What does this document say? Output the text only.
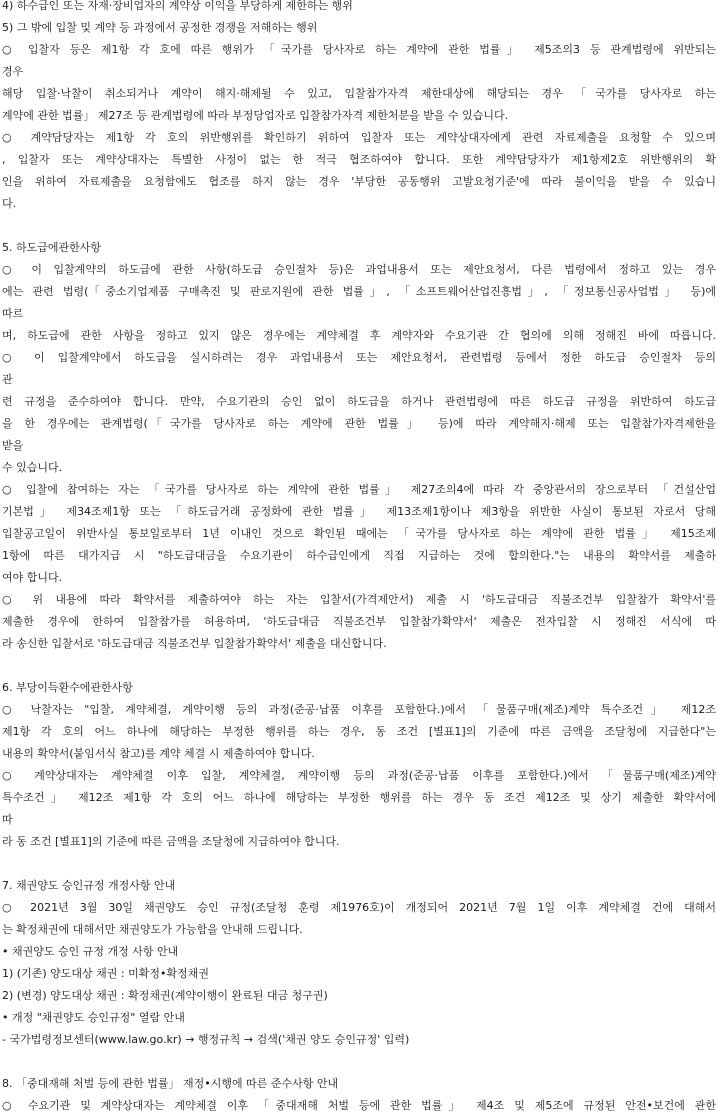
4) 하수급인 또는 자재·장비업자의 계약상 이익을 부당하게 제한하는 행위
5) 그 밖에 입찰 및 계약 등 과정에서 공정한 경쟁을 저해하는 행위
○ 입찰자 등은 제1항 각 호에 따른 행위가 「국가를 당사자로 하는 계약에 관한 법률」 제5조의3 등 관계법령에 위반되는
경우
해당 입찰·낙찰이 취소되거나 계약이 해지·해제될 수 있고, 입찰참가자격 제한대상에 해당되는 경우 「국가를 당사자로 하는
계약에 관한 법률」 제27조 등 관계법령에 따라 부정당업자로 입찰참가자격 제한처분을 받을 수 있습니다.
○ 계약담당자는 제1항 각 호의 위반행위를 확인하기 위하여 입찰자 또는 계약상대자에게 관련 자료제출을 요청할 수 있으며
, 입찰자 또는 계약상대자는 특별한 사정이 없는 한 적극 협조하여야 합니다. 또한 계약담당자가 제1항제2호 위반행위의 확
인을 위하여 자료제출을 요청함에도 협조를 하지 않는 경우 '부당한 공동행위 고발요청기준'에 따라 불이익을 받을 수 있습니
다.
5. 하도급에관한사항
○ 이 입찰계약의 하도급에 관한 사항(하도급 승인절차 등)은 과업내용서 또는 제안요청서, 다른 법령에서 정하고 있는 경우
에는 관련 법령(「중소기업제품 구매촉진 및 판로지원에 관한 법률」, 「소프트웨어산업진흥법」, 「정보통신공사업법」 등)에
따르
며, 하도급에 관한 사항을 정하고 있지 않은 경우에는 계약체결 후 계약자와 수요기관 간 협의에 의해 정해진 바에 따릅니다.
○ 이 입찰계약에서 하도급을 실시하려는 경우 과업내용서 또는 제안요청서, 관련법령 등에서 정한 하도급 승인절차 등의
관
련 규정을 준수하여야 합니다. 만약, 수요기관의 승인 없이 하도급을 하거나 관련법령에 따른 하도급 규정을 위반하여 하도급
을 한 경우에는 관계법령(「국가를 당사자로 하는 계약에 관한 법률」 등)에 따라 계약해지·해제 또는 입찰참가자격제한을
받을
수 있습니다.
○ 입찰에 참여하는 자는 「국가를 당사자로 하는 계약에 관한 법률」 제27조의4에 따라 각 중앙관서의 장으로부터 「건설산업
기본법」 제34조제1항 또는 「하도급거래 공정화에 관한 법률」 제13조제1항이나 제3항을 위반한 사실이 통보된 자로서 당해
입찰공고일이 위반사실 통보일로부터 1년 이내인 것으로 확인된 때에는 「국가를 당사자로 하는 계약에 관한 법률」 제15조제
1항에 따른 대가지급 시 "하도급대금을 수요기관이 하수급인에게 직접 지급하는 것에 합의한다."는 내용의 확약서를 제출하
여야 합니다.
○ 위 내용에 따라 확약서를 제출하여야 하는 자는 입찰서(가격제안서) 제출 시 '하도급대금 직불조건부 입찰참가 확약서'를
제출한 경우에 한하여 입찰참가를 허용하며, '하도급대금 직불조건부 입찰참가확약서' 제출은 전자입찰 시 정해진 서식에 따
라 송신한 입찰서로 '하도급대금 직불조건부 입찰참가확약서' 제출을 대신합니다.
6. 부당이득환수에관한사항
○ 낙찰자는 "입찰, 계약체결, 계약이행 등의 과정(준공·납품 이후를 포함한다.)에서 「물품구매(제조)계약 특수조건」 제12조
제1항 각 호의 어느 하나에 해당하는 부정한 행위를 하는 경우, 동 조건 [별표1]의 기준에 따른 금액을 조달청에 지급한다"는
내용의 확약서(붙임서식 참고)를 계약 체결 시 제출하여야 합니다.
○ 계약상대자는 계약체결 이후 입찰, 계약체결, 계약이행 등의 과정(준공·납품 이후를 포함한다.)에서 「물품구매(제조)계약
특수조건」 제12조 제1항 각 호의 어느 하나에 해당하는 부정한 행위를 하는 경우 동 조건 제12조 및 상기 제출한 확약서에
따
라 동 조건 [별표1]의 기준에 따른 금액을 조달청에 지급하여야 합니다.
7. 채권양도 승인규정 개정사항 안내
○ 2021년 3월 30일 채권양도 승인 규정(조달청 훈령 제1976호)이 개정되어 2021년 7월 1일 이후 계약체결 건에 대해서
는 확정채권에 대해서만 채권양도가 가능함을 안내해 드립니다.
• 채권양도 승인 규정 개정 사항 안내
1) (기존) 양도대상 채권 : 미확정•확정채권
2) (변경) 양도대상 채권 : 확정채권(계약이행이 완료된 대금 청구권)
• 개정 "채권양도 승인규정" 열람 안내
- 국가법령정보센터(www.law.go.kr) → 행정규칙 → 검색('채권 양도 승인규정' 입력)
8. 「중대재해 처벌 등에 관한 법률」 재정•시행에 따른 준수사항 안내
○ 수요기관 및 계약상대자는 계약체결 이후 「중대재해 처벌 등에 관한 법률」 제4조 및 제5조에 규정된 안전•보건에 관한
